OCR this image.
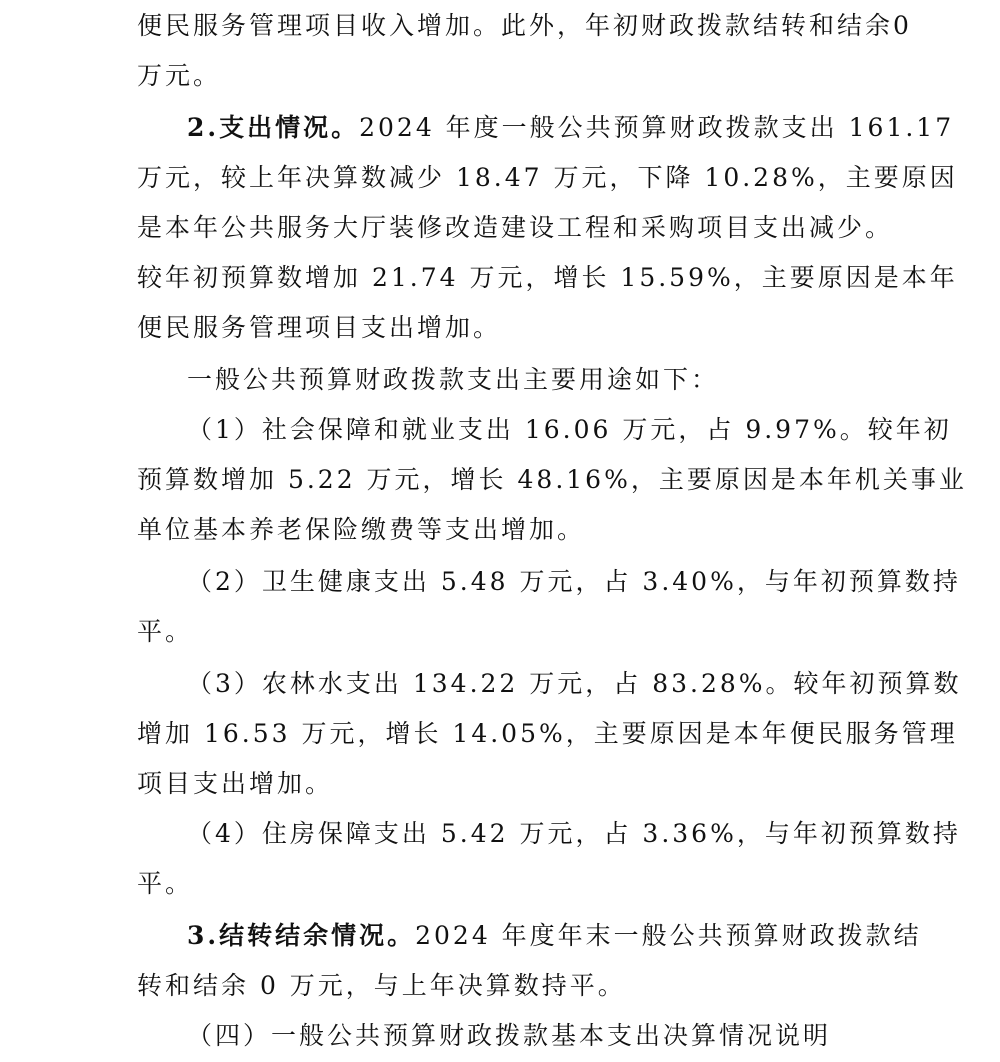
便民服务管理项目收入增加。此外，年初财政拨款结转和结余0
万元。
2.支出情况。2024 年度一般公共预算财政拨款支出 161.17
万元，较上年决算数减少 18.47 万元，下降 10.28%，主要原因
是本年公共服务大厅装修改造建设工程和采购项目支出减少。
较年初预算数增加 21.74 万元，增长 15.59%，主要原因是本年
便民服务管理项目支出增加。
一般公共预算财政拨款支出主要用途如下：
（1）社会保障和就业支出 16.06 万元，占 9.97%。较年初
预算数增加 5.22 万元，增长 48.16%，主要原因是本年机关事业
单位基本养老保险缴费等支出增加。
（2）卫生健康支出 5.48 万元，占 3.40%，与年初预算数持
平。
（3）农林水支出 134.22 万元，占 83.28%。较年初预算数
增加 16.53 万元，增长 14.05%，主要原因是本年便民服务管理
项目支出增加。
（4）住房保障支出 5.42 万元，占 3.36%，与年初预算数持
平。
3.结转结余情况。2024 年度年末一般公共预算财政拨款结
转和结余 0 万元，与上年决算数持平。
（四）一般公共预算财政拨款基本支出决算情况说明
